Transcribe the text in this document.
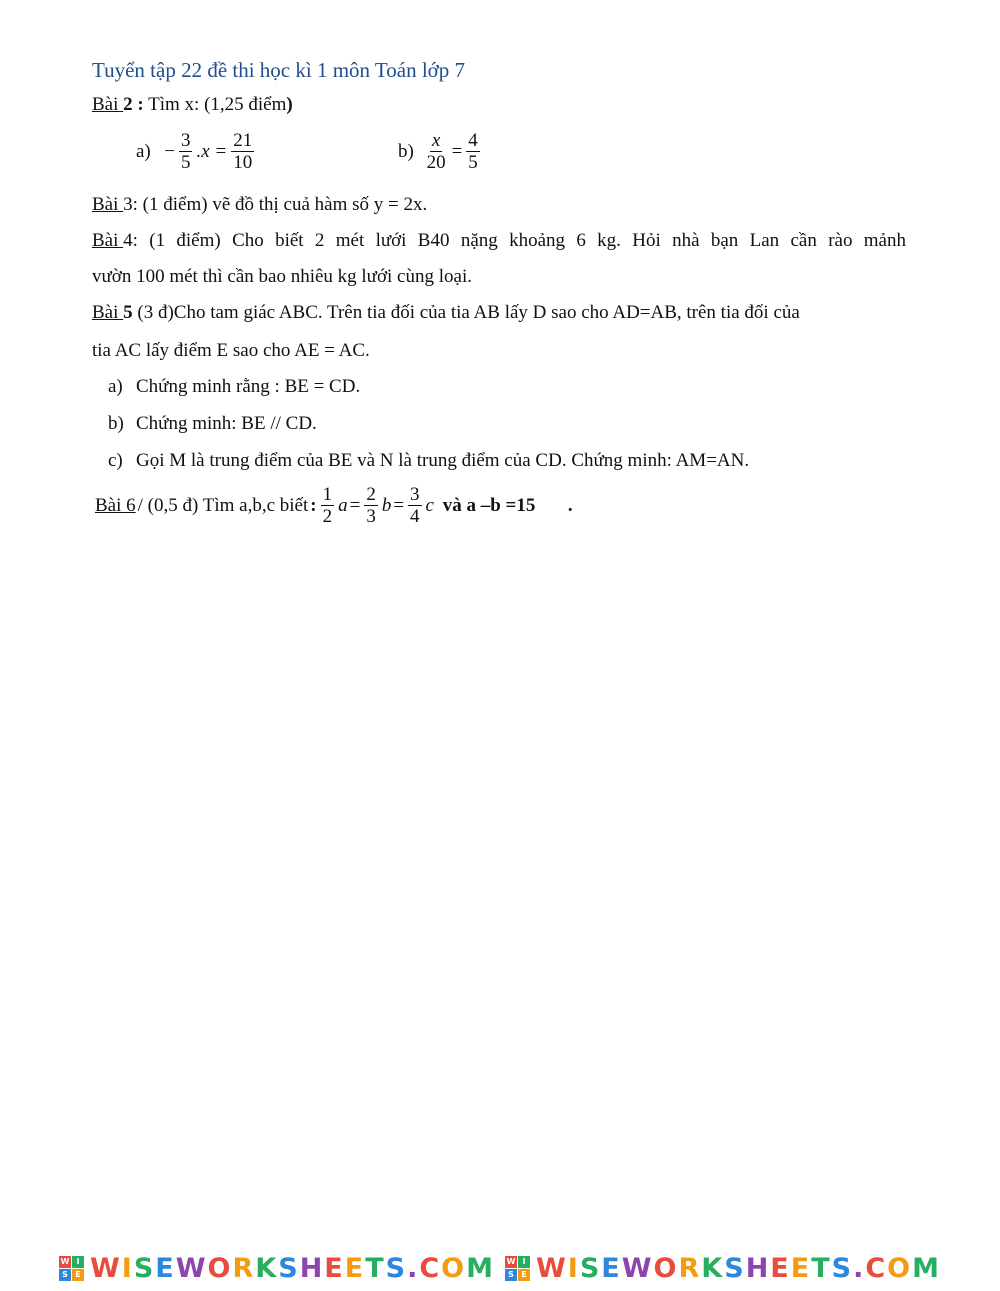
Tuyển tập 22 đề thi học kì 1 môn Toán lớp 7
Bài 2 : Tìm x: (1,25 điểm)
a)
− $\frac{3}{5} .x = \frac{21}{10}$	b)
$\frac{x}{20} = \frac{4}{5}$
Bài 3: (1 điểm) vẽ đồ thị cuả hàm số y = 2x.
Bài 4: (1 điểm) Cho biết 2 mét lưới B40 nặng khoảng 6 kg. Hỏi nhà bạn Lan cần rào mảnh
vườn 100 mét thì cần bao nhiêu kg lưới cùng loại.
Bài 5 (3 đ)Cho tam giác ABC. Trên tia đối của tia AB lấy D sao cho AD=AB, trên tia đối của
tia AC lấy điểm E sao cho AE = AC.
a) Chứng minh rằng : BE = CD.
b) Chứng minh: BE // CD.
c) Gọi M là trung điểm của BE và N là trung điểm của CD. Chứng minh: AM=AN.
Bài 6 / (0,5 đ) Tìm a,b,c biết : $\frac{1}{2}$ $a = \frac{2}{3}$ $b = \frac{3}{4}$ c
và a –b =15
.
W I
S E WISEWORKSHEETS.COM W I
S E WISEWORKSHEETS.COM
